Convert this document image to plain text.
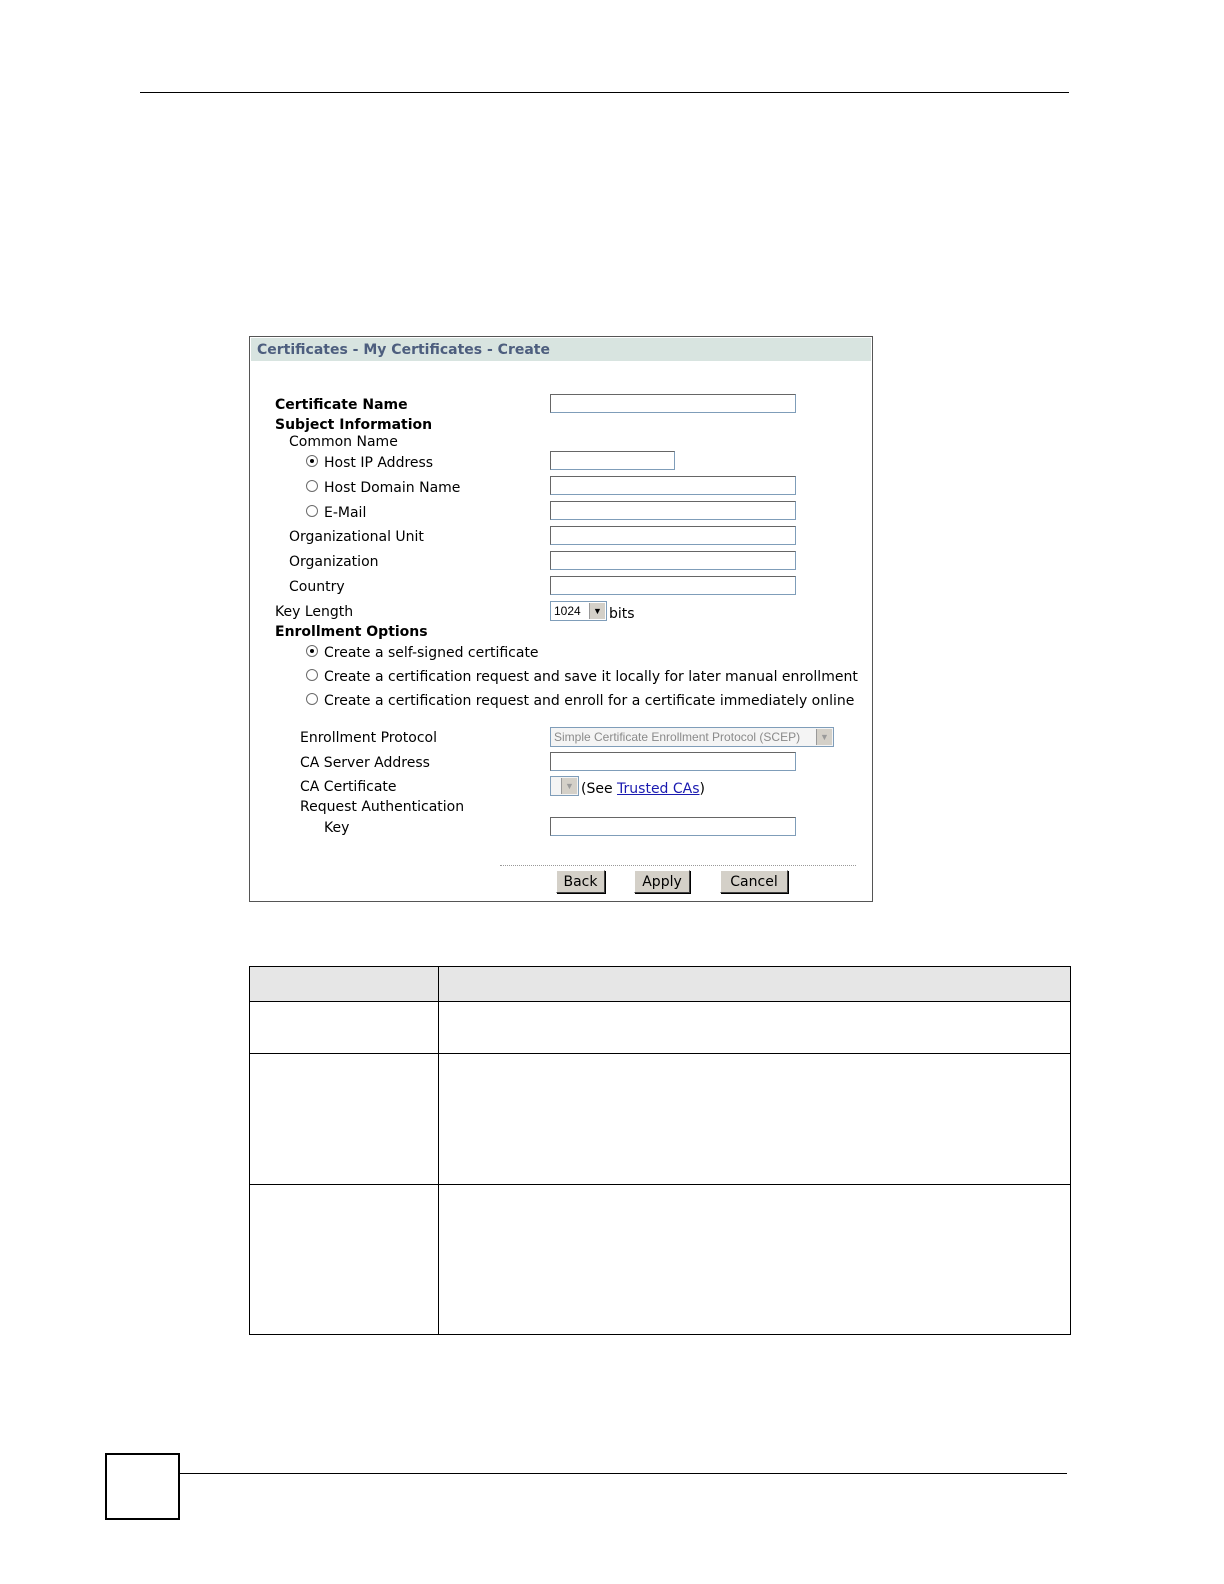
Certificates - My Certificates - Create
Certificate Name
Subject Information
Common Name
Host IP Address
Host Domain Name
E-Mail
Organizational Unit
Organization
Country
Key Length	1024	▼ bits
Enrollment Options
Create a self-signed certificate
Create a certification request and save it locally for later manual enrollment
Create a certification request and enroll for a certificate immediately online
Enrollment Protocol	Simple Certificate Enrollment Protocol (SCEP)	▼
CA Server Address
CA Certificate	▼ (See Trusted CAs)
Request Authentication
Key
Back	Apply	Cancel
